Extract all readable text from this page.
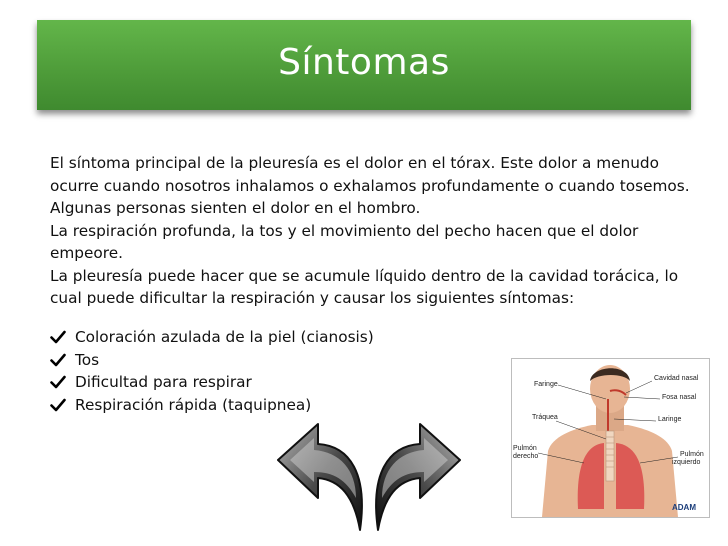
Síntomas

El síntoma principal de la pleuresía es el dolor en el tórax. Este dolor a menudo ocurre cuando nosotros inhalamos o exhalamos profundamente o cuando tosemos. Algunas personas sienten el dolor en el hombro.

La respiración profunda, la tos y el movimiento del pecho hacen que el dolor empeore.

La pleuresía puede hacer que se acumule líquido dentro de la cavidad torácica, lo cual puede dificultar la respiración y causar los siguientes síntomas:

Coloración azulada de la piel (cianosis)
Tos
Dificultad para respirar
Respiración rápida (taquipnea)
Faringe
Cavidad nasal
Fosa nasal
Laringe
Tráquea
Pulmón
derecho	Pulmón
izquierdo
ADAM
